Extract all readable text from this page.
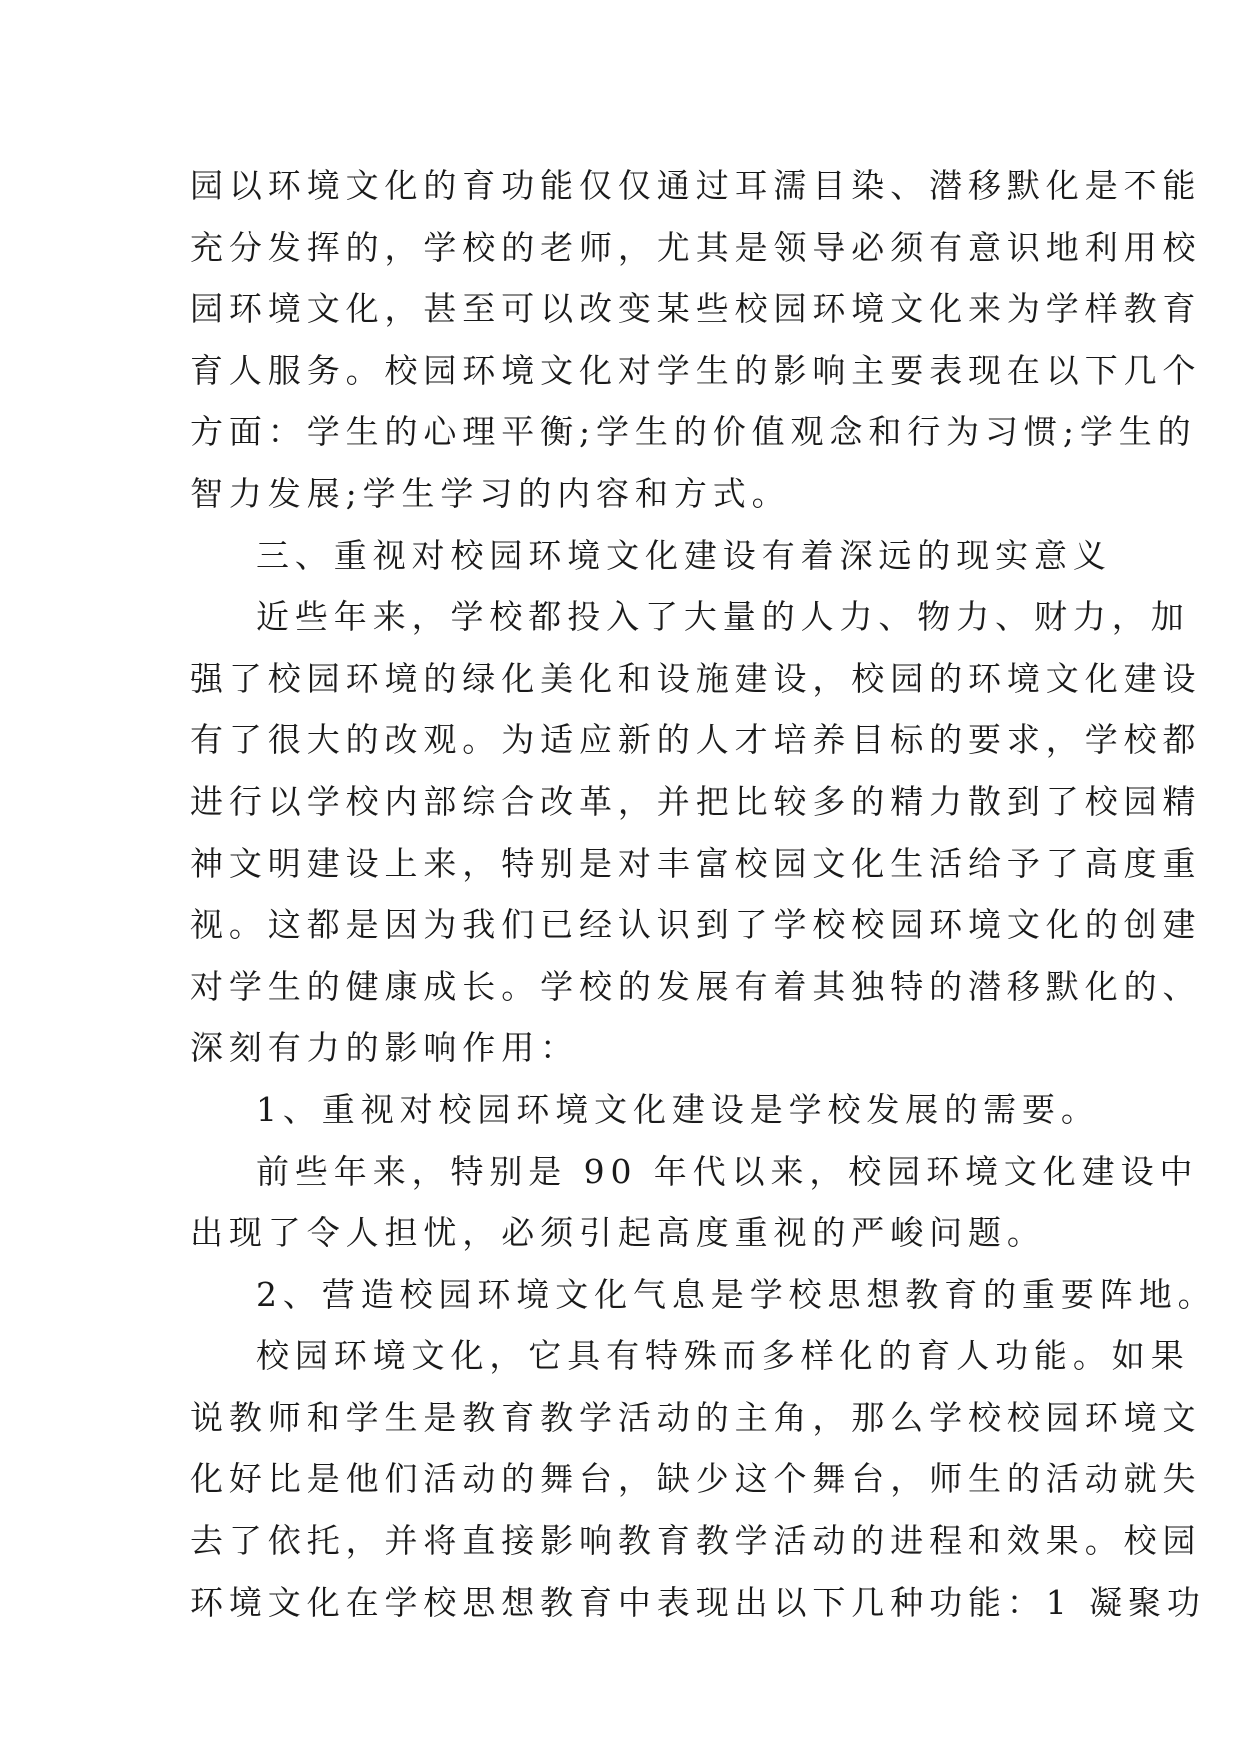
园以环境文化的育功能仅仅通过耳濡目染、潜移默化是不能
充分发挥的，学校的老师，尤其是领导必须有意识地利用校
园环境文化，甚至可以改变某些校园环境文化来为学样教育
育人服务。校园环境文化对学生的影响主要表现在以下几个
方面：学生的心理平衡;学生的价值观念和行为习惯;学生的
智力发展;学生学习的内容和方式。
三、重视对校园环境文化建设有着深远的现实意义
近些年来，学校都投入了大量的人力、物力、财力，加
强了校园环境的绿化美化和设施建设，校园的环境文化建设
有了很大的改观。为适应新的人才培养目标的要求，学校都
进行以学校内部综合改革，并把比较多的精力散到了校园精
神文明建设上来，特别是对丰富校园文化生活给予了高度重
视。这都是因为我们已经认识到了学校校园环境文化的创建
对学生的健康成长。学校的发展有着其独特的潜移默化的、
深刻有力的影响作用：
1、重视对校园环境文化建设是学校发展的需要。
前些年来，特别是 90 年代以来，校园环境文化建设中
出现了令人担忧，必须引起高度重视的严峻问题。
2、营造校园环境文化气息是学校思想教育的重要阵地。
校园环境文化，它具有特殊而多样化的育人功能。如果
说教师和学生是教育教学活动的主角，那么学校校园环境文
化好比是他们活动的舞台，缺少这个舞台，师生的活动就失
去了依托，并将直接影响教育教学活动的进程和效果。校园
环境文化在学校思想教育中表现出以下几种功能：1 凝聚功
